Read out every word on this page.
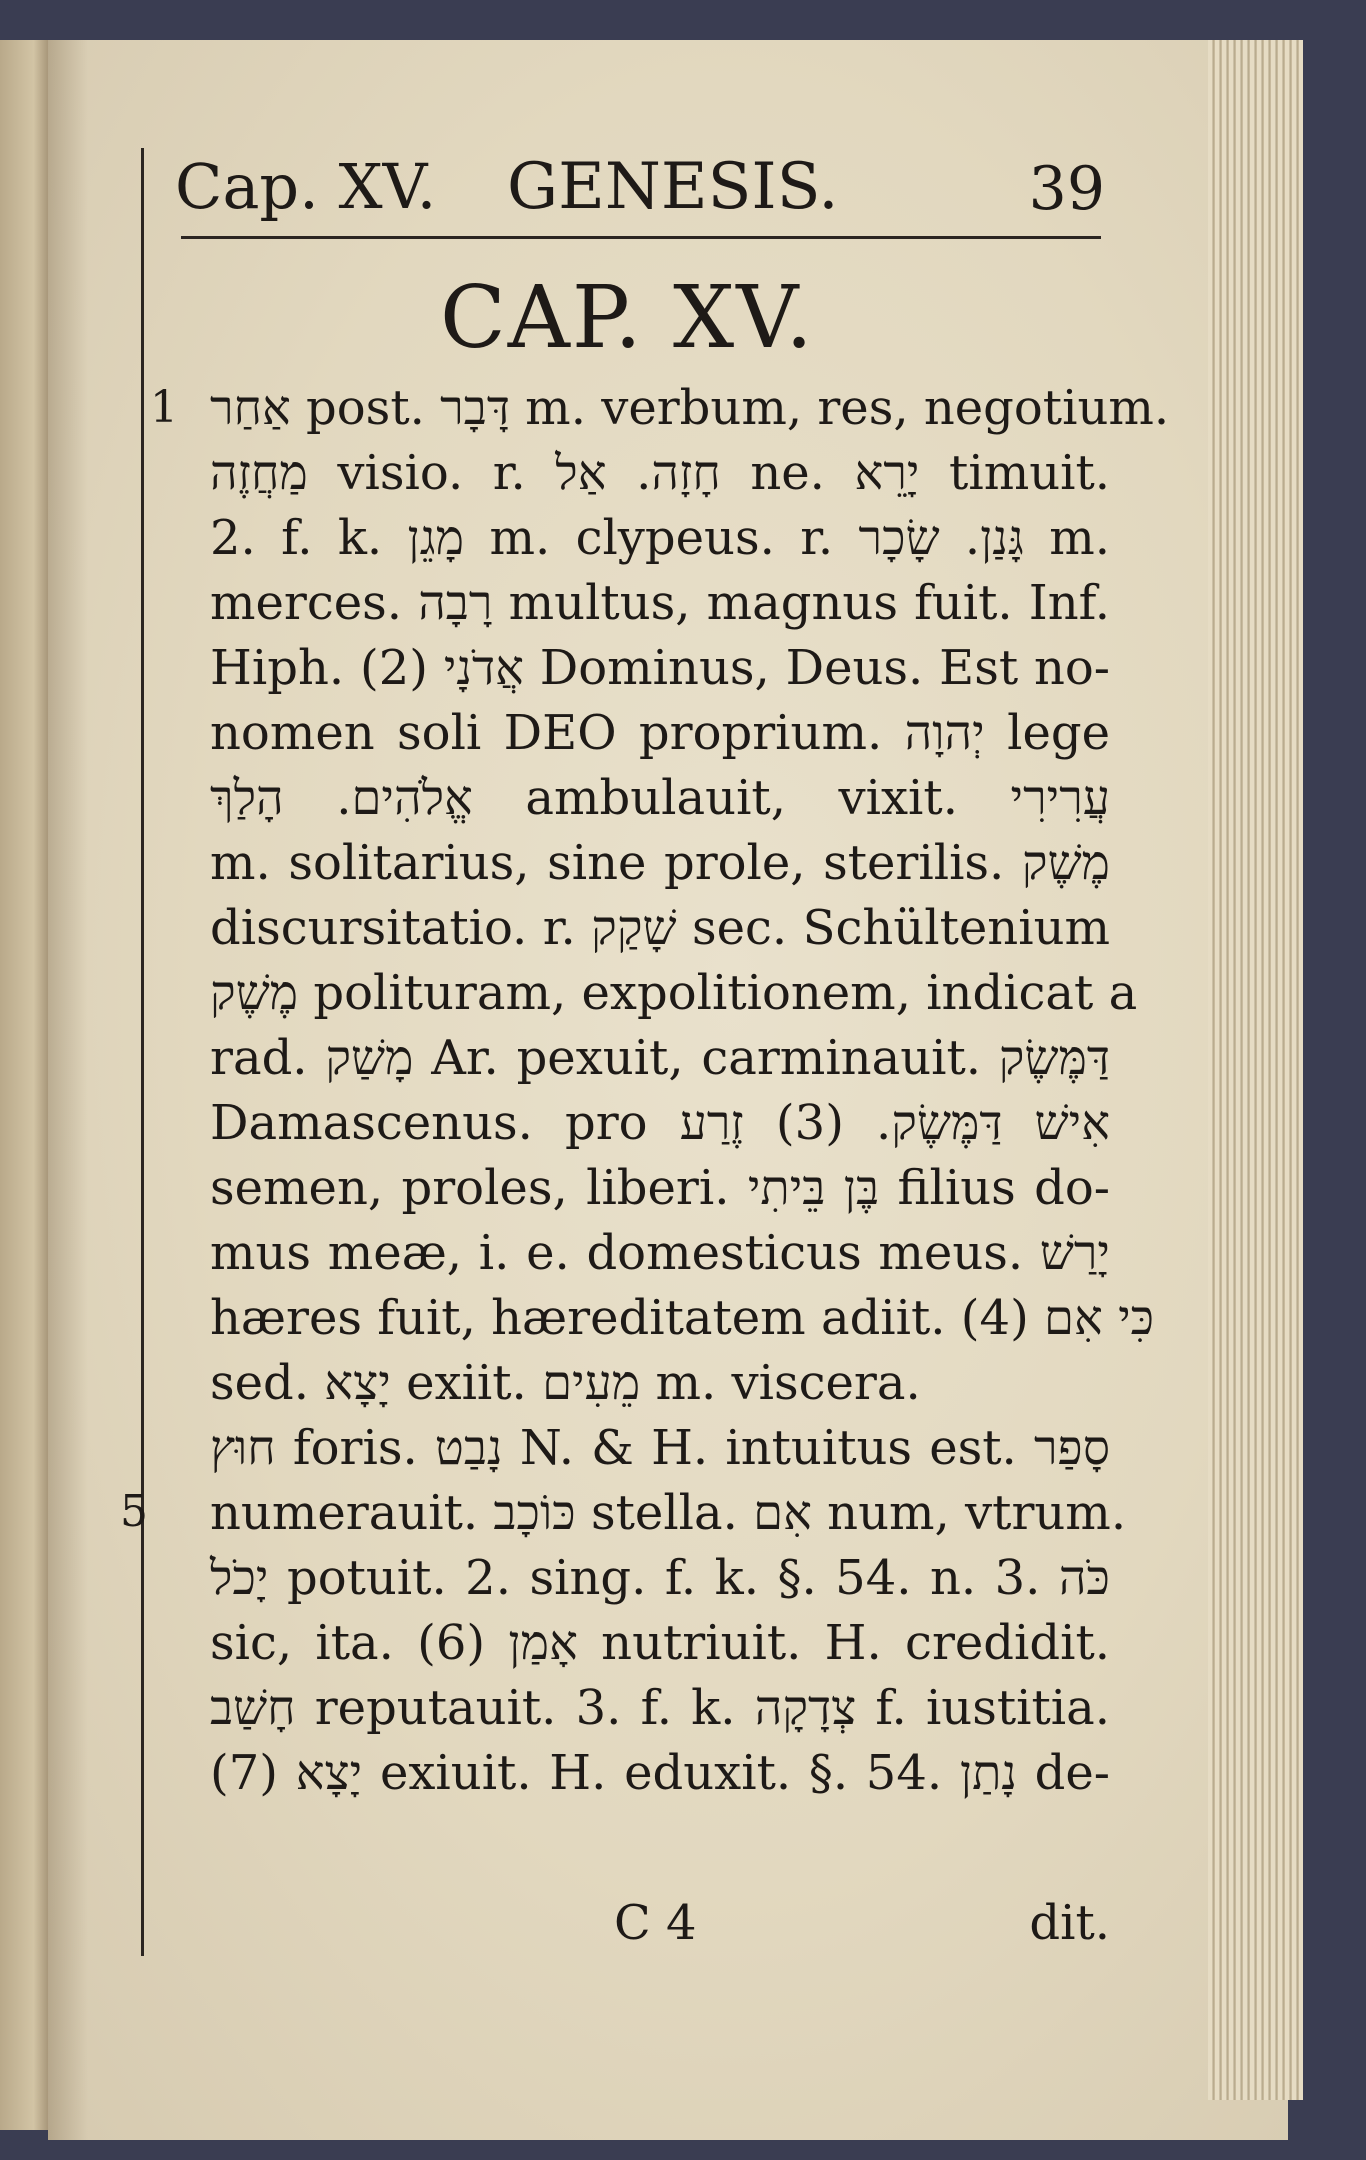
Cap. XV. GENESIS.	39
CAP. XV.
1
5
אַחַר post. דָּבָר m. verbum, res, negotium.
מַחֲזֶה visio. r. חָזָה. אַל ne. יָרֵא timuit.
2. f. k. מָגֵן m. clypeus. r. גָּנַן. שָׂכָר m.
merces. רָבָה multus, magnus fuit. Inf.
Hiph. (2) אֲדֹנָי Dominus, Deus. Est no-
nomen soli DEO proprium. יְהוָה lege
אֱלֹהִים. הָלַךְ ambulauit, vixit. עֲרִירִי
m. solitarius, sine prole, sterilis. מֶשֶׁק
discursitatio. r. שָׁקַק sec. Schültenium
מֶשֶׁק polituram, expolitionem, indicat a
rad. מָשַׁק Ar. pexuit, carminauit. דַּמֶּשֶׂק
Damascenus. pro אִישׁ דַּמֶּשֶׂק. (3) זֶרַע
semen, proles, liberi. בֶּן בֵּיתִי filius do-
mus meæ, i. e. domesticus meus. יָרַשׁ
hæres fuit, hæreditatem adiit. (4) כִּי אִם
sed. יָצָא exiit. מֵעִים m. viscera.
חוּץ foris. נָבַט N. & H. intuitus est. סָפַר
numerauit. כּוֹכָב stella. אִם num, vtrum.
יָכֹל potuit. 2. sing. f. k. §. 54. n. 3. כֹּה
sic, ita. (6) אָמַן nutriuit. H. credidit.
חָשַׁב reputauit. 3. f. k. צְדָקָה f. iustitia.
(7) יָצָא exiuit. H. eduxit. §. 54. נָתַן de-
C 4	dit.
